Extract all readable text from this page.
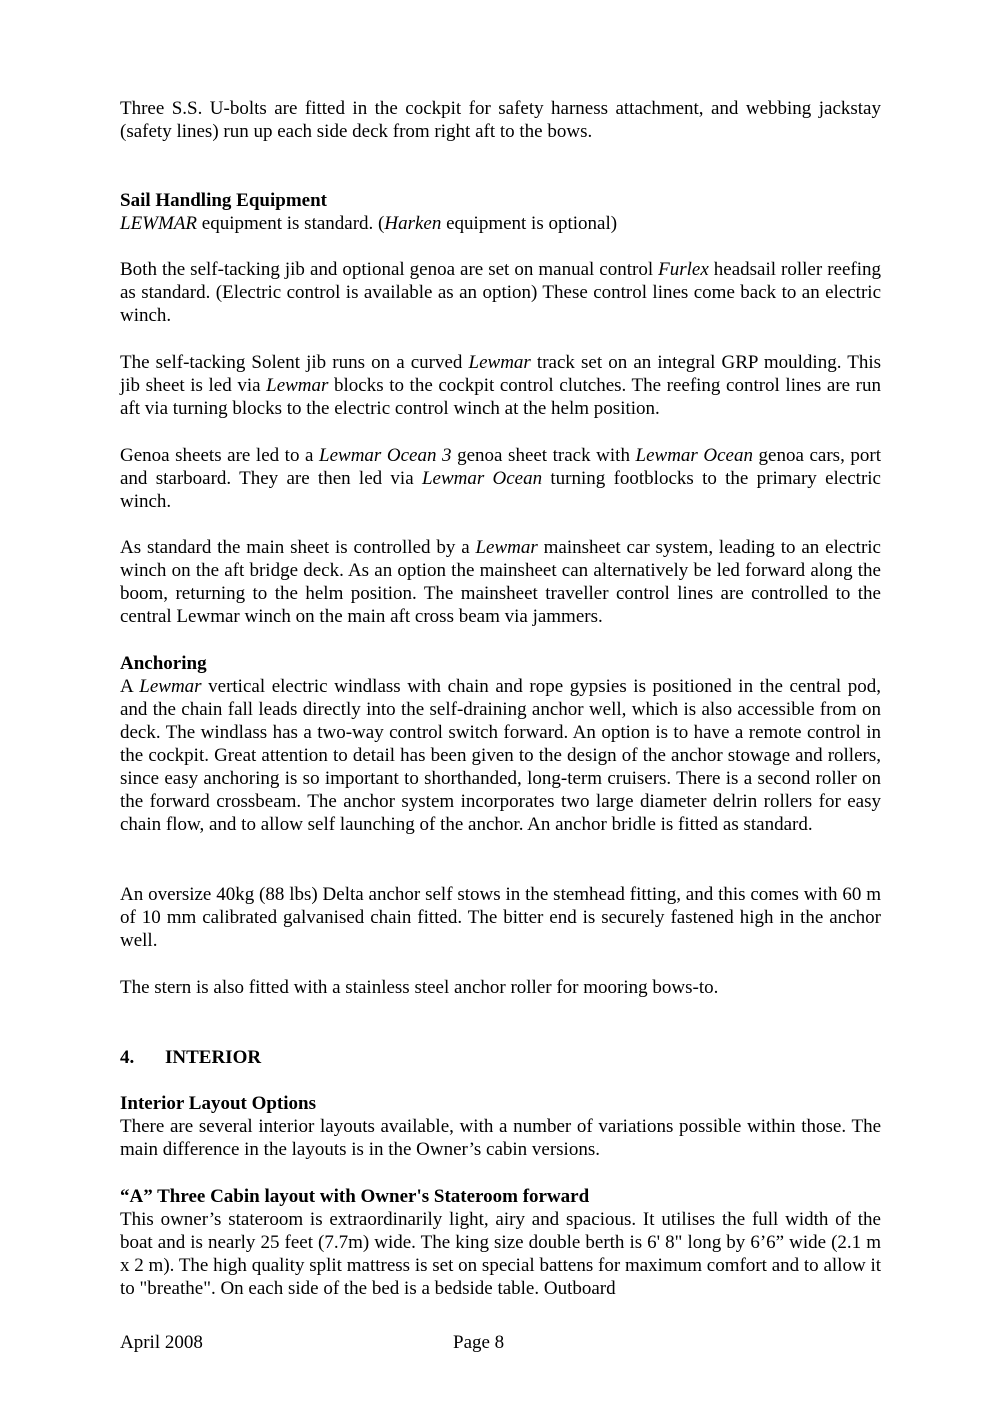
Three S.S. U-bolts are fitted in the cockpit for safety harness attachment, and webbing jackstay (safety lines) run up each side deck from right aft to the bows.

Sail Handling Equipment
LEWMAR equipment is standard. (Harken equipment is optional)

Both the self-tacking jib and optional genoa are set on manual control Furlex headsail roller reefing as standard. (Electric control is available as an option) These control lines come back to an electric winch.

The self-tacking Solent jib runs on a curved Lewmar track set on an integral GRP moulding. This jib sheet is led via Lewmar blocks to the cockpit control clutches. The reefing control lines are run aft via turning blocks to the electric control winch at the helm position.

Genoa sheets are led to a Lewmar Ocean 3 genoa sheet track with Lewmar Ocean genoa cars, port and starboard. They are then led via Lewmar Ocean turning footblocks to the primary electric winch.

As standard the main sheet is controlled by a Lewmar mainsheet car system, leading to an electric winch on the aft bridge deck. As an option the mainsheet can alternatively be led forward along the boom, returning to the helm position. The mainsheet traveller control lines are controlled to the central Lewmar winch on the main aft cross beam via jammers.

Anchoring
A Lewmar vertical electric windlass with chain and rope gypsies is positioned in the central pod, and the chain fall leads directly into the self-draining anchor well, which is also accessible from on deck. The windlass has a two-way control switch forward. An option is to have a remote control in the cockpit. Great attention to detail has been given to the design of the anchor stowage and rollers, since easy anchoring is so important to shorthanded, long-term cruisers. There is a second roller on the forward crossbeam. The anchor system incorporates two large diameter delrin rollers for easy chain flow, and to allow self launching of the anchor. An anchor bridle is fitted as standard.

An oversize 40kg (88 lbs) Delta anchor self stows in the stemhead fitting, and this comes with 60 m of 10 mm calibrated galvanised chain fitted. The bitter end is securely fastened high in the anchor well.

The stern is also fitted with a stainless steel anchor roller for mooring bows-to.

4. INTERIOR

Interior Layout Options
There are several interior layouts available, with a number of variations possible within those. The main difference in the layouts is in the Owner’s cabin versions.

“A” Three Cabin layout with Owner's Stateroom forward
This owner’s stateroom is extraordinarily light, airy and spacious. It utilises the full width of the boat and is nearly 25 feet (7.7m) wide. The king size double berth is 6' 8" long by 6’6” wide (2.1 m x 2 m). The high quality split mattress is set on special battens for maximum comfort and to allow it to "breathe". On each side of the bed is a bedside table. Outboard

April 2008	Page 8
